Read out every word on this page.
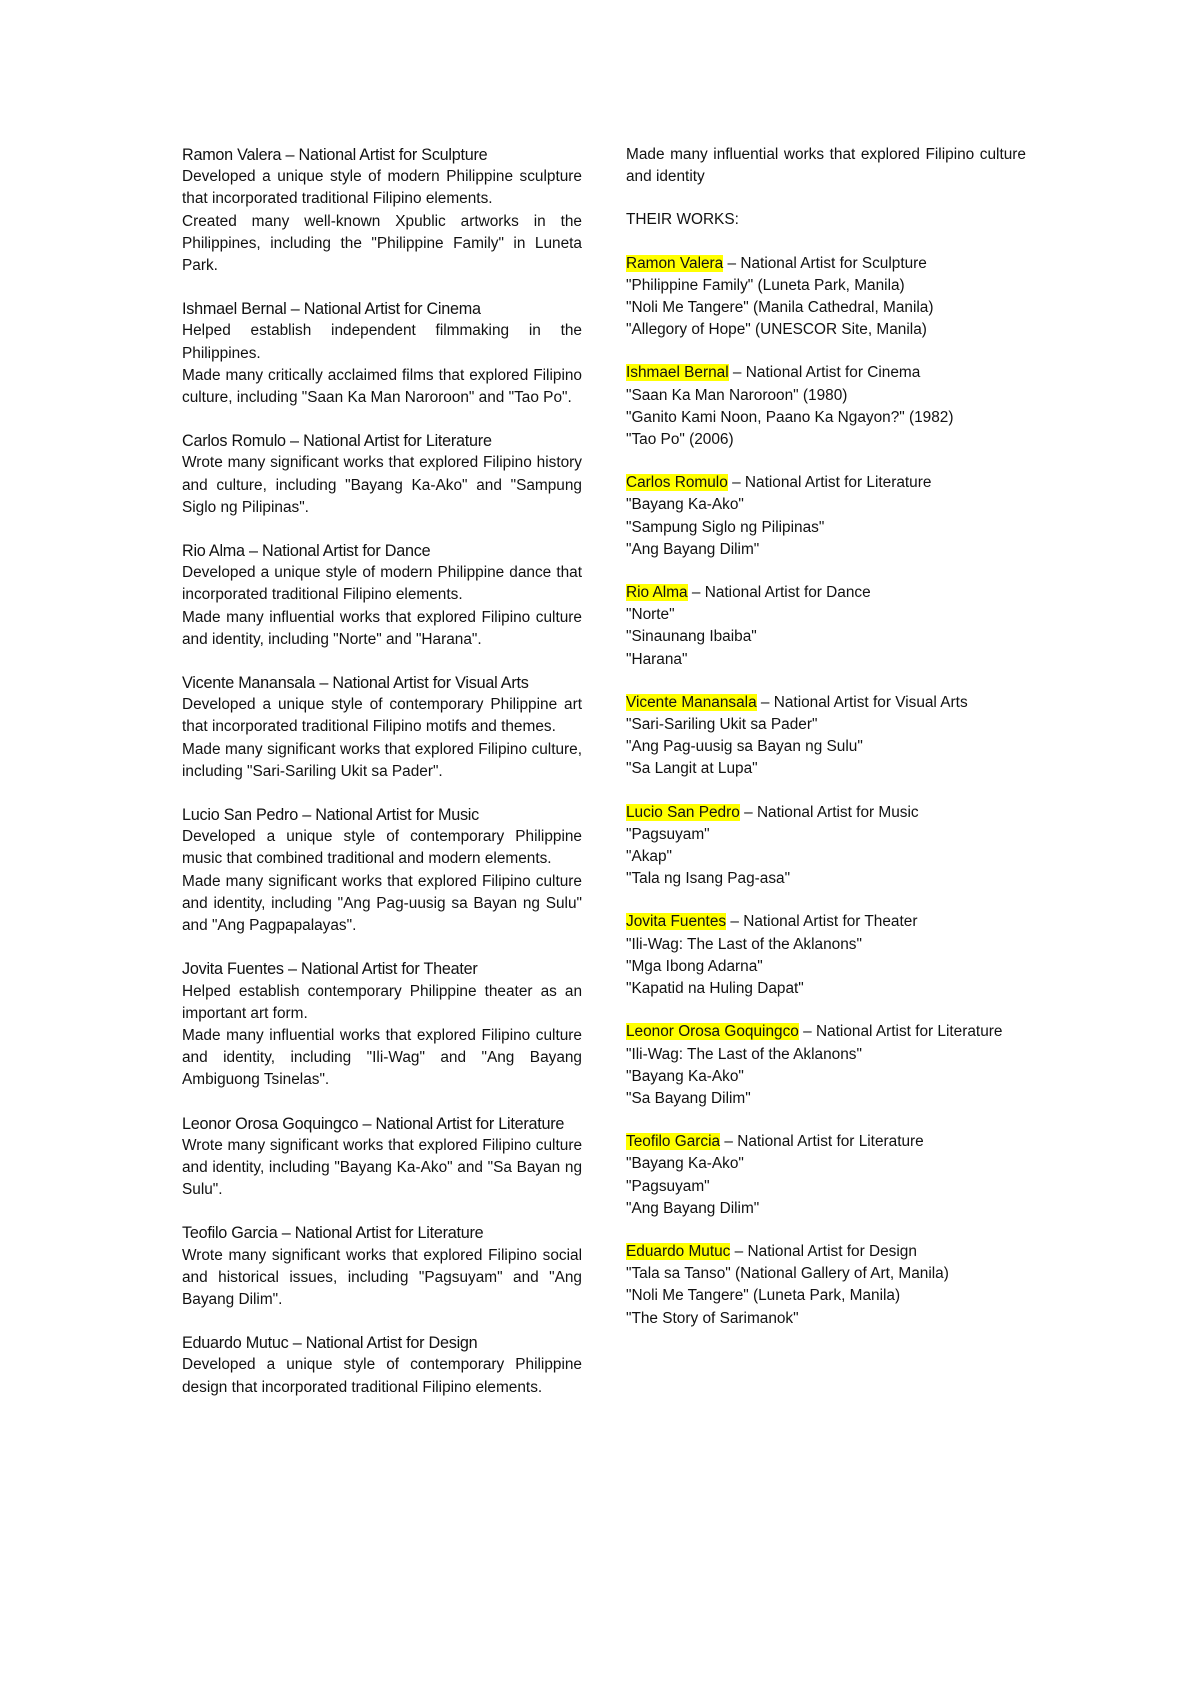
Ramon Valera – National Artist for Sculpture
Developed a unique style of modern Philippine sculpture that incorporated traditional Filipino elements.
Created many well-known Xpublic artworks in the Philippines, including the "Philippine Family" in Luneta Park.
Ishmael Bernal – National Artist for Cinema
Helped establish independent filmmaking in the Philippines.
Made many critically acclaimed films that explored Filipino culture, including "Saan Ka Man Naroroon" and "Tao Po".
Carlos Romulo – National Artist for Literature
Wrote many significant works that explored Filipino history and culture, including "Bayang Ka-Ako" and "Sampung Siglo ng Pilipinas".
Rio Alma – National Artist for Dance
Developed a unique style of modern Philippine dance that incorporated traditional Filipino elements.
Made many influential works that explored Filipino culture and identity, including "Norte" and "Harana".
Vicente Manansala – National Artist for Visual Arts
Developed a unique style of contemporary Philippine art that incorporated traditional Filipino motifs and themes.
Made many significant works that explored Filipino culture, including "Sari-Sariling Ukit sa Pader".
Lucio San Pedro – National Artist for Music
Developed a unique style of contemporary Philippine music that combined traditional and modern elements.
Made many significant works that explored Filipino culture and identity, including "Ang Pag-uusig sa Bayan ng Sulu" and "Ang Pagpapalayas".
Jovita Fuentes – National Artist for Theater
Helped establish contemporary Philippine theater as an important art form.
Made many influential works that explored Filipino culture and identity, including "Ili-Wag" and "Ang Bayang Ambiguong Tsinelas".
Leonor Orosa Goquingco – National Artist for Literature
Wrote many significant works that explored Filipino culture and identity, including "Bayang Ka-Ako" and "Sa Bayan ng Sulu".
Teofilo Garcia – National Artist for Literature
Wrote many significant works that explored Filipino social and historical issues, including "Pagsuyam" and "Ang Bayang Dilim".
Eduardo Mutuc – National Artist for Design
Developed a unique style of contemporary Philippine design that incorporated traditional Filipino elements.
Made many influential works that explored Filipino culture and identity
THEIR WORKS:
Ramon Valera – National Artist for Sculpture
"Philippine Family" (Luneta Park, Manila)
"Noli Me Tangere" (Manila Cathedral, Manila)
"Allegory of Hope" (UNESCOR Site, Manila)
Ishmael Bernal – National Artist for Cinema
"Saan Ka Man Naroroon" (1980)
"Ganito Kami Noon, Paano Ka Ngayon?" (1982)
"Tao Po" (2006)
Carlos Romulo – National Artist for Literature
"Bayang Ka-Ako"
"Sampung Siglo ng Pilipinas"
"Ang Bayang Dilim"
Rio Alma – National Artist for Dance
"Norte"
"Sinaunang Ibaiba"
"Harana"
Vicente Manansala – National Artist for Visual Arts
"Sari-Sariling Ukit sa Pader"
"Ang Pag-uusig sa Bayan ng Sulu"
"Sa Langit at Lupa"
Lucio San Pedro – National Artist for Music
"Pagsuyam"
"Akap"
"Tala ng Isang Pag-asa"
Jovita Fuentes – National Artist for Theater
"Ili-Wag: The Last of the Aklanons"
"Mga Ibong Adarna"
"Kapatid na Huling Dapat"
Leonor Orosa Goquingco – National Artist for Literature
"Ili-Wag: The Last of the Aklanons"
"Bayang Ka-Ako"
"Sa Bayang Dilim"
Teofilo Garcia – National Artist for Literature
"Bayang Ka-Ako"
"Pagsuyam"
"Ang Bayang Dilim"
Eduardo Mutuc – National Artist for Design
"Tala sa Tanso" (National Gallery of Art, Manila)
"Noli Me Tangere" (Luneta Park, Manila)
"The Story of Sarimanok"
